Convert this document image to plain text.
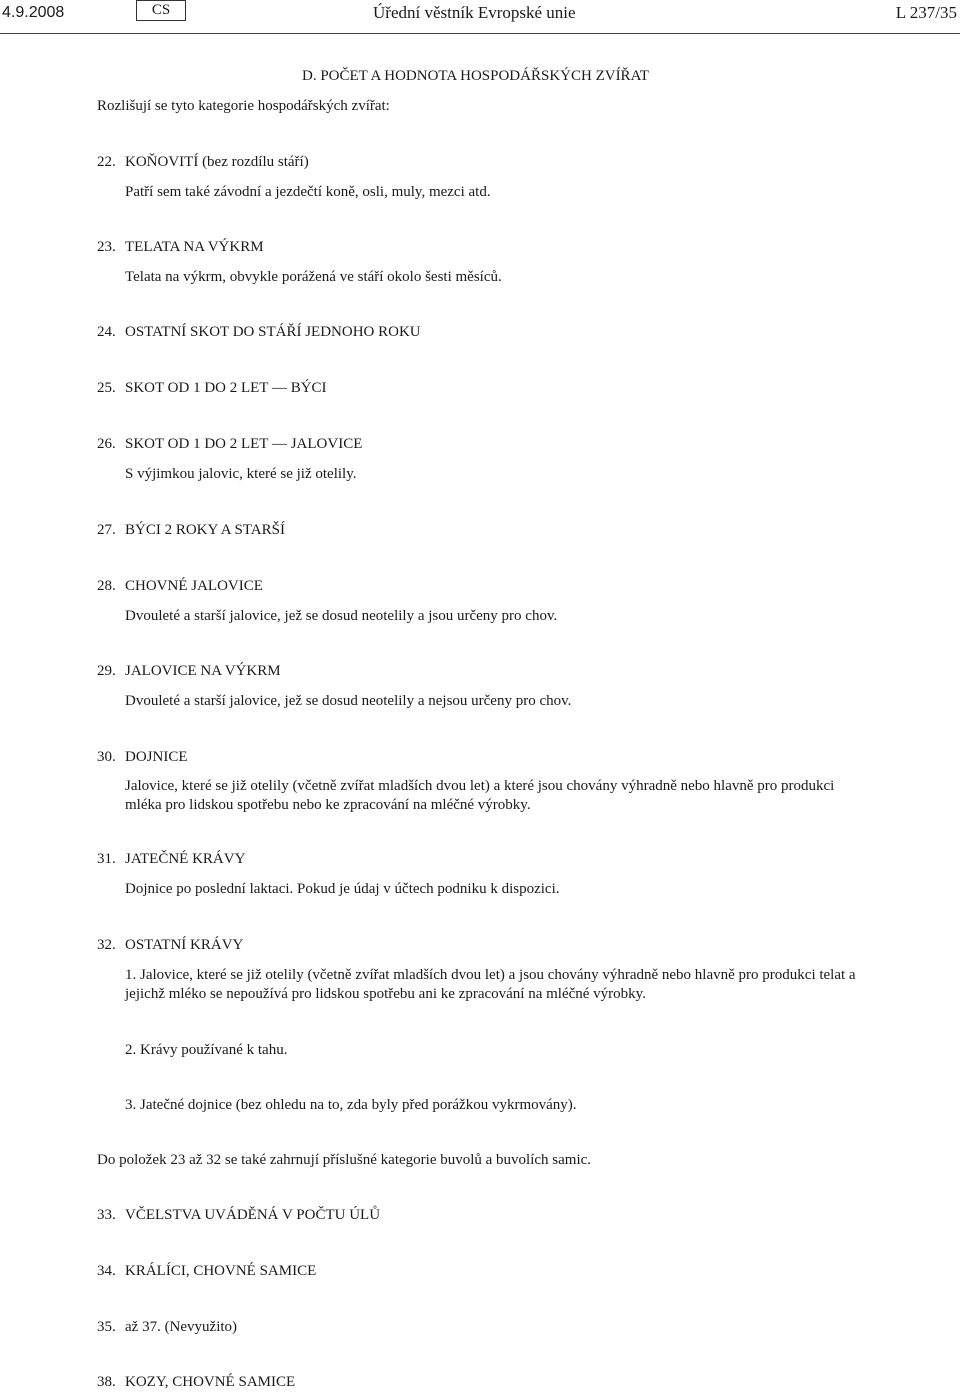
4.9.2008	CS	Úřední věstník Evropské unie	L 237/35
D. POČET A HODNOTA HOSPODÁŘSKÝCH ZVÍŘAT
Rozlišují se tyto kategorie hospodářských zvířat:
22. KOŇOVITÍ (bez rozdílu stáří)
Patří sem také závodní a jezdečtí koně, osli, muly, mezci atd.
23. TELATA NA VÝKRM
Telata na výkrm, obvykle porážená ve stáří okolo šesti měsíců.
24. OSTATNÍ SKOT DO STÁŘÍ JEDNOHO ROKU
25. SKOT OD 1 DO 2 LET — BÝCI
26. SKOT OD 1 DO 2 LET — JALOVICE
S výjimkou jalovic, které se již otelily.
27. BÝCI 2 ROKY A STARŠÍ
28. CHOVNÉ JALOVICE
Dvouleté a starší jalovice, jež se dosud neotelily a jsou určeny pro chov.
29. JALOVICE NA VÝKRM
Dvouleté a starší jalovice, jež se dosud neotelily a nejsou určeny pro chov.
30. DOJNICE
Jalovice, které se již otelily (včetně zvířat mladších dvou let) a které jsou chovány výhradně nebo hlavně pro produkci mléka pro lidskou spotřebu nebo ke zpracování na mléčné výrobky.
31. JATEČNÉ KRÁVY
Dojnice po poslední laktaci. Pokud je údaj v účtech podniku k dispozici.
32. OSTATNÍ KRÁVY
1. Jalovice, které se již otelily (včetně zvířat mladších dvou let) a jsou chovány výhradně nebo hlavně pro produkci telat a jejichž mléko se nepoužívá pro lidskou spotřebu ani ke zpracování na mléčné výrobky.
2. Krávy používané k tahu.
3. Jatečné dojnice (bez ohledu na to, zda byly před porážkou vykrmovány).
Do položek 23 až 32 se také zahrnují příslušné kategorie buvolů a buvolích samic.
33. VČELSTVA UVÁDĚNÁ V POČTU ÚLŮ
34. KRÁLÍCI, CHOVNÉ SAMICE
35. až 37. (Nevyužito)
38. KOZY, CHOVNÉ SAMICE
